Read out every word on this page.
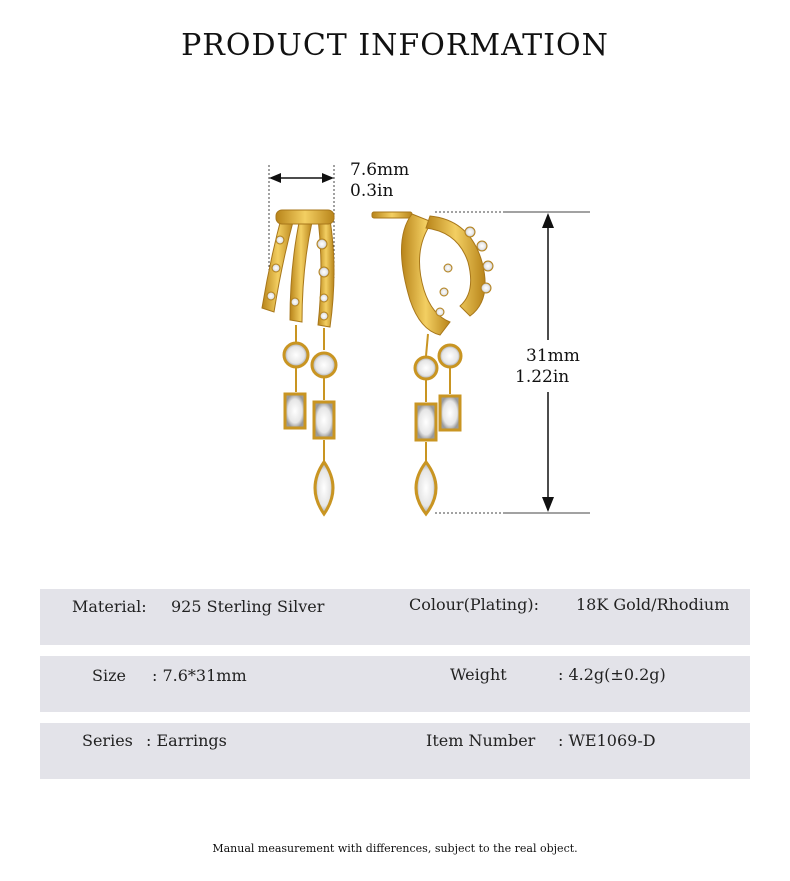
PRODUCT INFORMATION
7.6mm
0.3in
31mm
1.22in
Material: 925 Sterling Silver	Colour(Plating): 18K Gold/Rhodium
Size : 7.6*31mm	Weight	: 4.2g(±0.2g)
Series : Earrings	Item Number : WE1069-D
Manual measurement with differences, subject to the real object.
